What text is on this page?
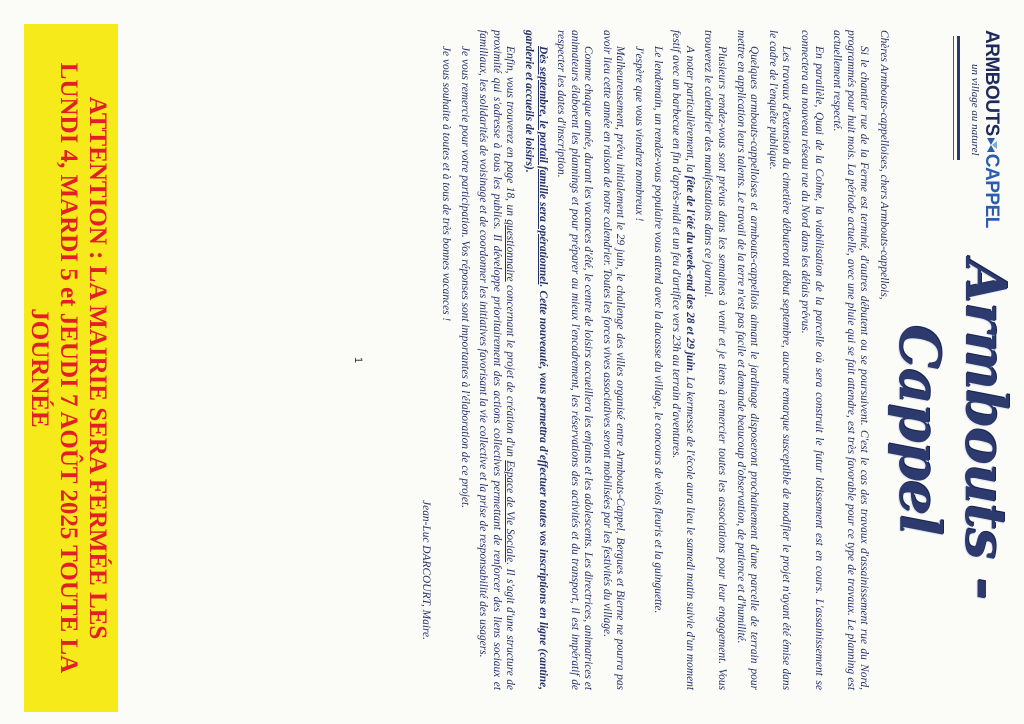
ARMBOUTSCAPPEL
un village au naturel
Armbouts - Cappel

Chères Armbouts-cappelloises, chers Armbouts-cappellois,

Si le chantier rue de la Ferme est terminé, d'autres débutent ou se poursuivent. C'est le cas des travaux d'assainissement rue du Nord, programmés pour huit mois. La période actuelle, avec une pluie qui se fait attendre, est très favorable pour ce type de travaux. Le planning est actuellement respecté.

En parallèle, Quai de la Colme, la viabilisation de la parcelle où sera construit le futur lotissement est en cours. L'assainissement se connectera au nouveau réseau rue du Nord dans les délais prévus.

Les travaux d'extension du cimetière débuteront début septembre, aucune remarque susceptible de modifier le projet n'ayant été émise dans le cadre de l'enquête publique.

Quelques armbouts-cappelloises et armbouts-cappellois aimant le jardinage disposeront prochainement d'une parcelle de terrain pour mettre en application leurs talents. Le travail de la terre n'est pas facile et demande beaucoup d'observation, de patience et d'humilité.

Plusieurs rendez-vous sont prévus dans les semaines à venir et je tiens à remercier toutes les associations pour leur engagement. Vous trouverez le calendrier des manifestations dans ce journal.

A noter particulièrement, la fête de l'été du week-end des 28 et 29 juin. La kermesse de l'école aura lieu le samedi matin suivie d'un moment festif avec un barbecue en fin d'après-midi et un feu d'artifice vers 23h au terrain d'aventures.

Le lendemain, un rendez-vous populaire vous attend avec la ducasse du village, le concours de vélos fleuris et la guinguette.

J'espère que vous viendrez nombreux !

Malheureusement, prévu initialement le 29 juin, le challenge des villes organisé entre Armbouts-Cappel, Bergues et Bierne ne pourra pas avoir lieu cette année en raison de notre calendrier. Toutes les forces vives associatives seront mobilisées par les festivités du village.

Comme chaque année, durant les vacances d'été, le centre de loisirs accueillera les enfants et les adolescents. Les directrices, animatrices et animateurs élaborent les plannings et pour préparer au mieux l'encadrement, les réservations des activités et du transport, il est impératif de respecter les dates d'inscription.

Dès septembre, le portail famille sera opérationnel. Cette nouveauté, vous permettra d'effectuer toutes vos inscriptions en ligne (cantine, garderie et accueils de loisirs).

Enfin, vous trouverez en page 18, un questionnaire concernant le projet de création d'un Espace de Vie Sociale. Il s'agit d'une structure de proximité qui s'adresse à tous les publics. Il développe prioritairement des actions collectives permettant de renforcer des liens sociaux et familiaux, les solidarités de voisinage et de coordonner les initiatives favorisant la vie collective et la prise de responsabilité des usagers.

Je vous remercie pour votre participation. Vos réponses sont importantes à l'élaboration de ce projet.

Je vous souhaite à toutes et à tous de très bonnes vacances !

Jean-Luc DARCOURT, Maire.
1
ATTENTION : LA MAIRIE SERA FERMÉE LES
LUNDI 4, MARDI 5 et JEUDI 7 AOÛT 2025 TOUTE LA JOURNÉE
